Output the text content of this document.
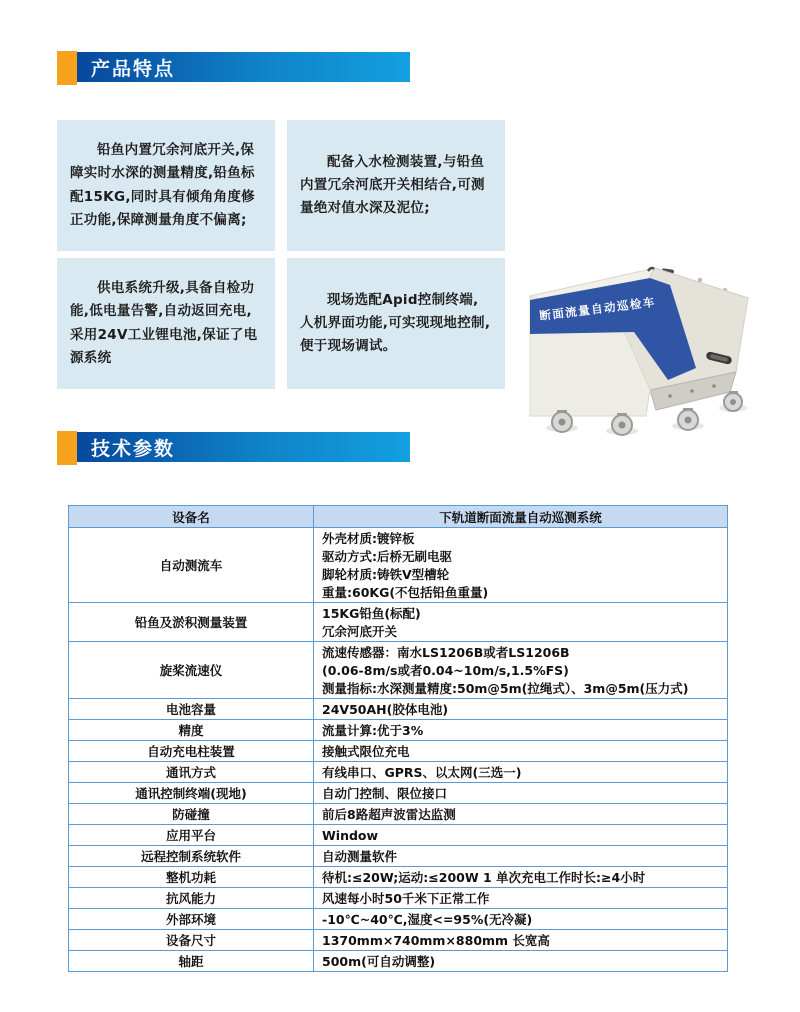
产品特点

铅鱼内置冗余河底开关,保障实时水深的测量精度,铅鱼标配15KG,同时具有倾角角度修正功能,保障测量角度不偏离;

配备入水检测装置,与铅鱼内置冗余河底开关相结合,可测量绝对值水深及泥位;

供电系统升级,具备自检功能,低电量告警,自动返回充电,采用24V工业锂电池,保证了电源系统

现场选配Apid控制终端,人机界面功能,可实现现地控制,便于现场调试。

断面流量自动巡检车
技术参数
设备名	下轨道断面流量自动巡测系统
自动测流车	外壳材质:镀锌板
驱动方式:后桥无刷电驱
脚轮材质:铸铁V型槽轮
重量:60KG(不包括铅鱼重量)

铅鱼及淤积测量装置	15KG铅鱼(标配)
冗余河底开关

旋桨流速仪	流速传感器：南水LS1206B或者LS1206B
(0.06-8m/s或者0.04~10m/s,1.5%FS)
测量指标:水深测量精度:50m@5m(拉绳式）、3m@5m(压力式)

电池容量	24V50AH(胶体电池)

精度	流量计算:优于3%

自动充电柱装置	接触式限位充电

通讯方式	有线串口、GPRS、以太网(三选一)

通讯控制终端(现地)	自动门控制、限位接口

防碰撞	前后8路超声波雷达监测

应用平台	Window

远程控制系统软件	自动测量软件

整机功耗	待机:≤20W;运动:≤200W 1 单次充电工作时长:≥4小时

抗风能力	风速每小时50千米下正常工作

外部环境	-10℃~40℃,湿度<=95%(无冷凝)

设备尺寸	1370mm×740mm×880mm 长宽高

轴距	500m(可自动调整)
